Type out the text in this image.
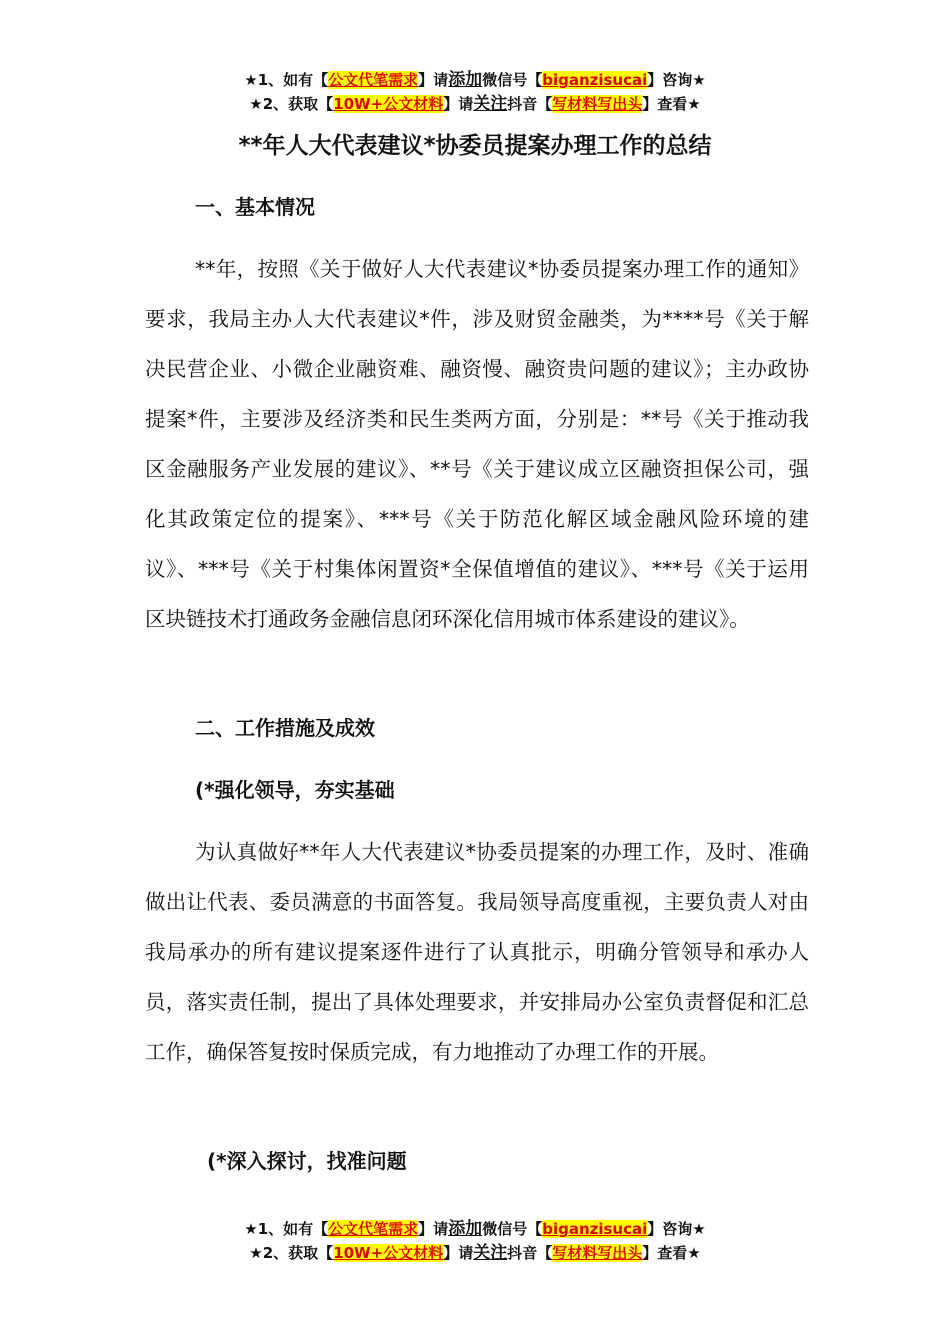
★1、如有【公文代笔需求】请添加微信号【biganzisucai】咨询★
★2、获取【10W+公文材料】请关注抖音【写材料写出头】查看★
**年人大代表建议*协委员提案办理工作的总结

一、基本情况

**年，按照《关于做好人大代表建议*协委员提案办理工作的通知》要求，我局主办人大代表建议*件，涉及财贸金融类，为****号《关于解决民营企业、小微企业融资难、融资慢、融资贵问题的建议》；主办政协提案*件，主要涉及经济类和民生类两方面，分别是：**号《关于推动我区金融服务产业发展的建议》、**号《关于建议成立区融资担保公司，强化其政策定位的提案》、***号《关于防范化解区域金融风险环境的建议》、***号《关于村集体闲置资*全保值增值的建议》、***号《关于运用区块链技术打通政务金融信息闭环深化信用城市体系建设的建议》。

二、工作措施及成效

(*强化领导，夯实基础

为认真做好**年人大代表建议*协委员提案的办理工作，及时、准确做出让代表、委员满意的书面答复。我局领导高度重视，主要负责人对由我局承办的所有建议提案逐件进行了认真批示，明确分管领导和承办人员，落实责任制，提出了具体处理要求，并安排局办公室负责督促和汇总工作，确保答复按时保质完成，有力地推动了办理工作的开展。

(*深入探讨，找准问题

★1、如有【公文代笔需求】请添加微信号【biganzisucai】咨询★
★2、获取【10W+公文材料】请关注抖音【写材料写出头】查看★
